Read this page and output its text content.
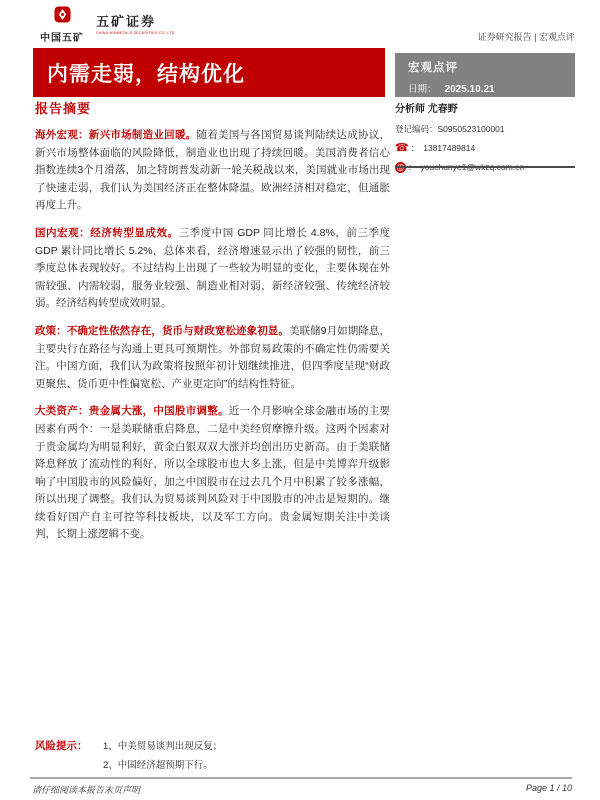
中国五矿
五矿证券
CHINA MINMETALS SECURITIES CO.,LTD.	证券研究报告 | 宏观点评
内需走弱，结构优化	宏观点评
日期： 2025.10.21
分析师 尤春野
登记编码：S0950523100001
☎ ： 13817489814
报告摘要

海外宏观：新兴市场制造业回暖。随着美国与各国贸易谈判陆续达成协议，新兴市场整体面临的风险降低，制造业也出现了持续回暖。美国消费者信心指数连续3个月滑落，加之特朗普发动新一轮关税战以来，美国就业市场出现了快速走弱，我们认为美国经济正在整体降温。欧洲经济相对稳定，但通胀再度上升。

国内宏观：经济转型显成效。三季度中国 GDP 同比增长 4.8%，前三季度 GDP 累计同比增长 5.2%，总体来看，经济增速显示出了较强的韧性，前三季度总体表现较好。不过结构上出现了一些较为明显的变化，主要体现在外需较强、内需较弱，服务业较强、制造业相对弱，新经济较强、传统经济较弱。经济结构转型成效明显。

政策：不确定性依然存在，货币与财政宽松迹象初显。美联储9月如期降息，主要央行在路径与沟通上更具可预期性。外部贸易政策的不确定性仍需要关注。中国方面，我们认为政策将按照年初计划继续推进，但四季度呈现“财政更聚焦、货币更中性偏宽松、产业更定向”的结构性特征。

大类资产：贵金属大涨，中国股市调整。近一个月影响全球金融市场的主要因素有两个：一是美联储重启降息，二是中美经贸摩擦升级。这两个因素对于贵金属均为明显利好，黄金白银双双大涨并均创出历史新高。由于美联储降息释放了流动性的利好，所以全球股市也大多上涨，但是中美博弈升级影响了中国股市的风险偏好，加之中国股市在过去几个月中积累了较多涨幅，所以出现了调整。我们认为贸易谈判风险对于中国股市的冲击是短期的。继续看好国产自主可控等科技板块，以及军工方向。贵金属短期关注中美谈判，长期上涨逻辑不变。

风险提示：	1、中美贸易谈判出现反复；
2、中国经济超预期下行。
请仔细阅读本报告末页声明	Page 1 / 10
